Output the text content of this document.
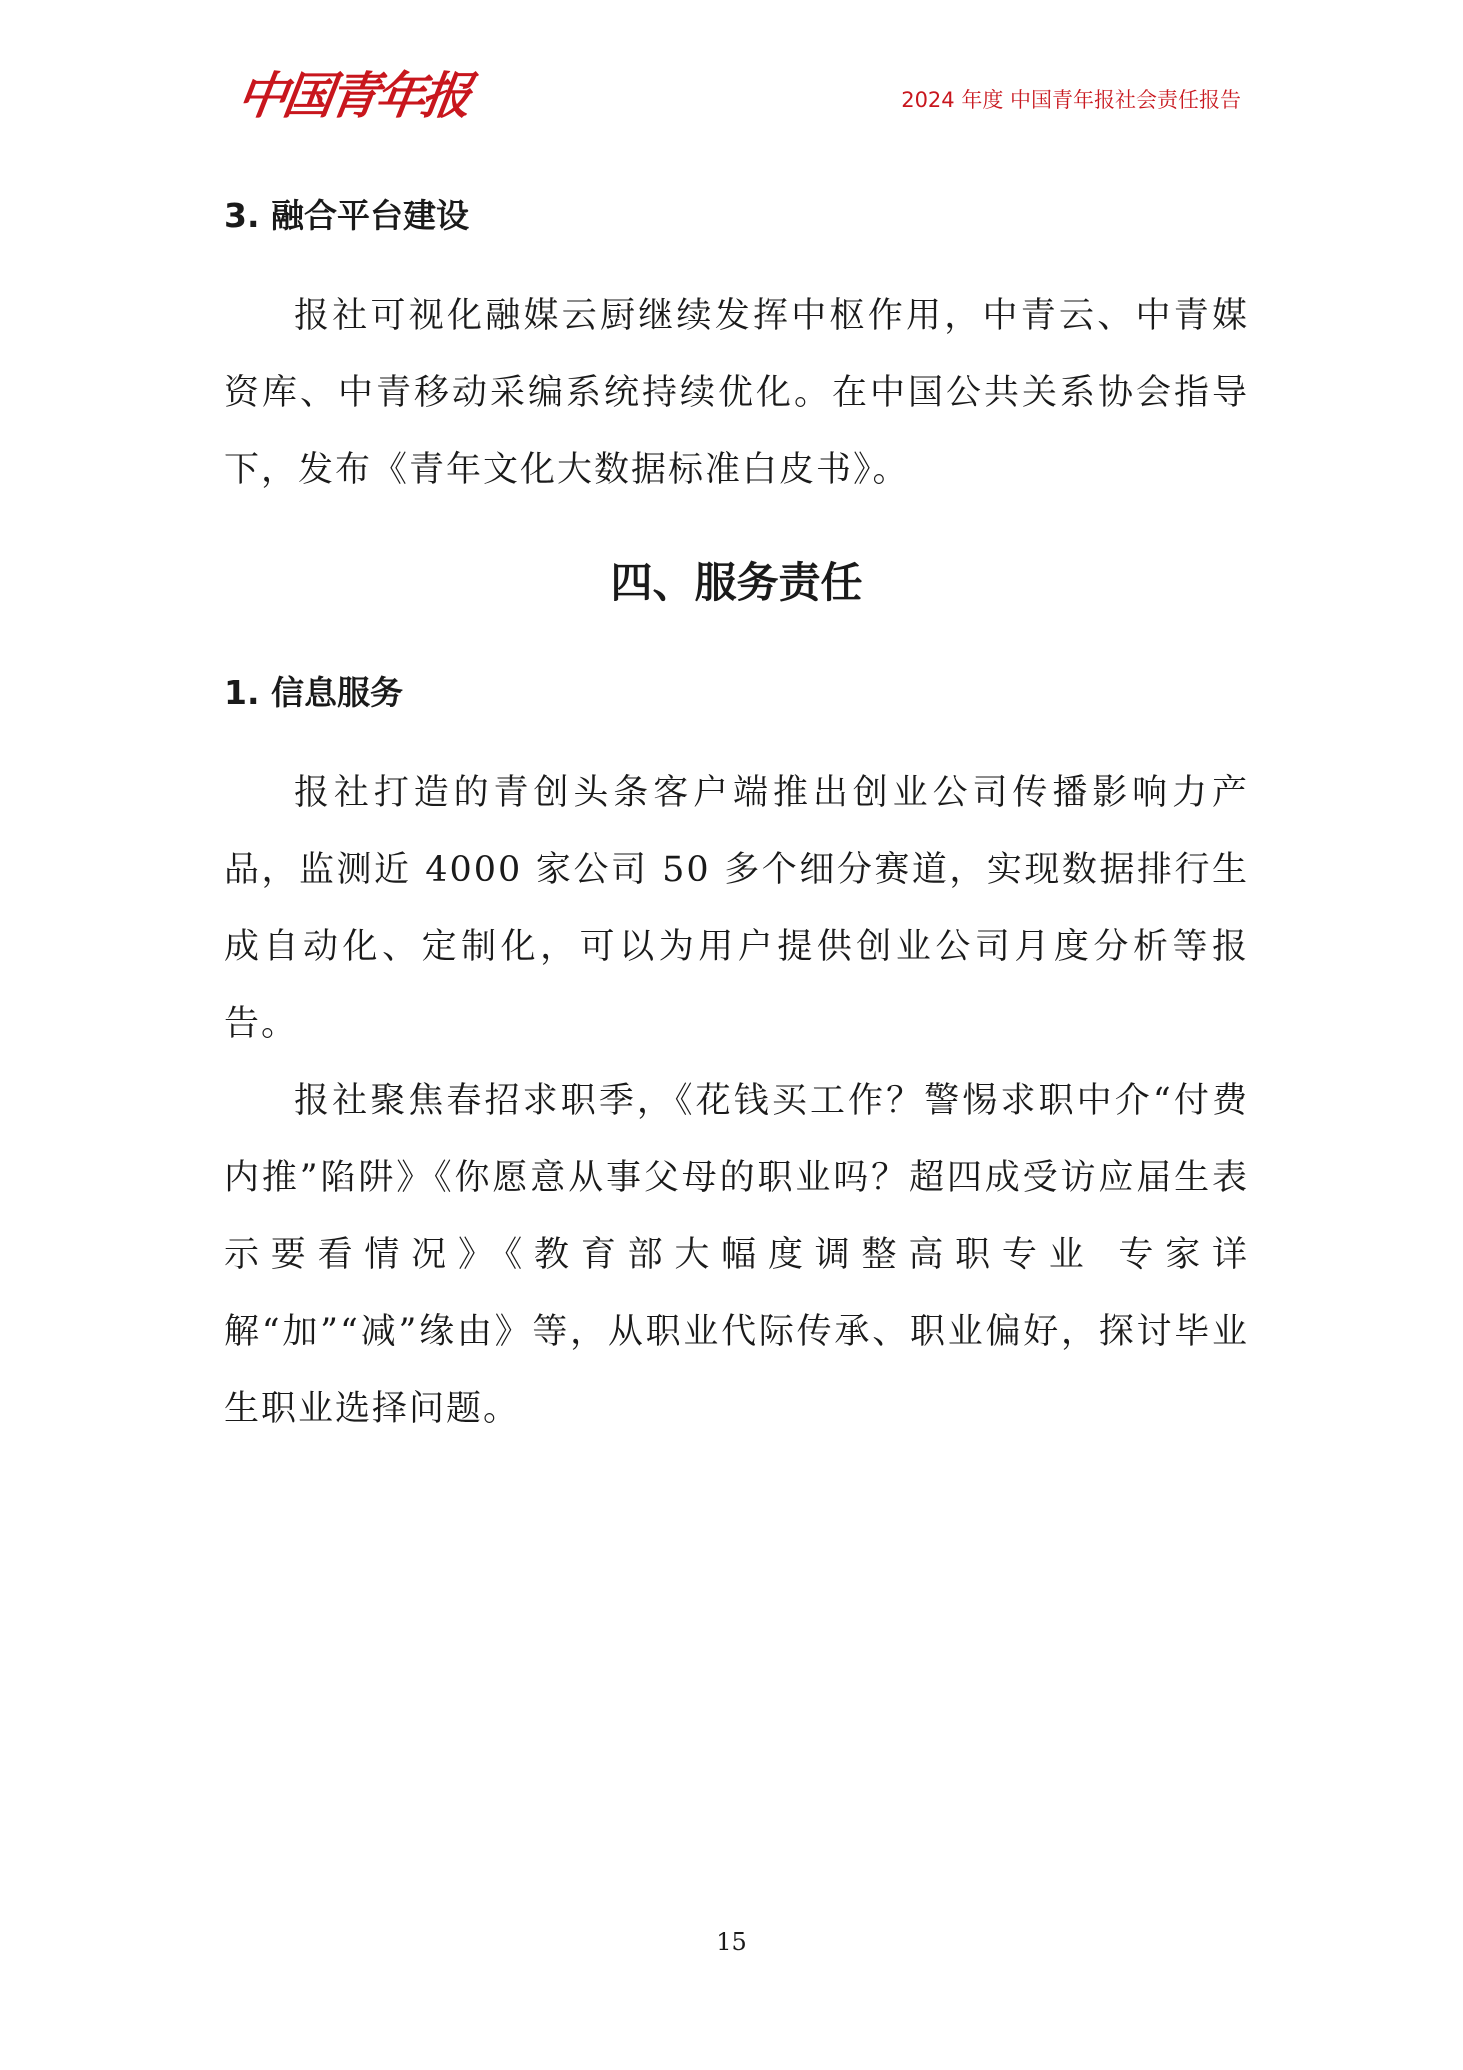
中国青年报	2024 年度 中国青年报社会责任报告
3. 融合平台建设

报社可视化融媒云厨继续发挥中枢作用，中青云、中青媒资库、中青移动采编系统持续优化。在中国公共关系协会指导下，发布《青年文化大数据标准白皮书》。

四、服务责任
1. 信息服务

报社打造的青创头条客户端推出创业公司传播影响力产品，监测近 4000 家公司 50 多个细分赛道，实现数据排行生成自动化、定制化，可以为用户提供创业公司月度分析等报告。

报社聚焦春招求职季，《花钱买工作？警惕求职中介“付费内推”陷阱》《你愿意从事父母的职业吗？超四成受访应届生表示要看情况》《教育部大幅度调整高职专业 专家详解“加”“减”缘由》等，从职业代际传承、职业偏好，探讨毕业生职业选择问题。

15
